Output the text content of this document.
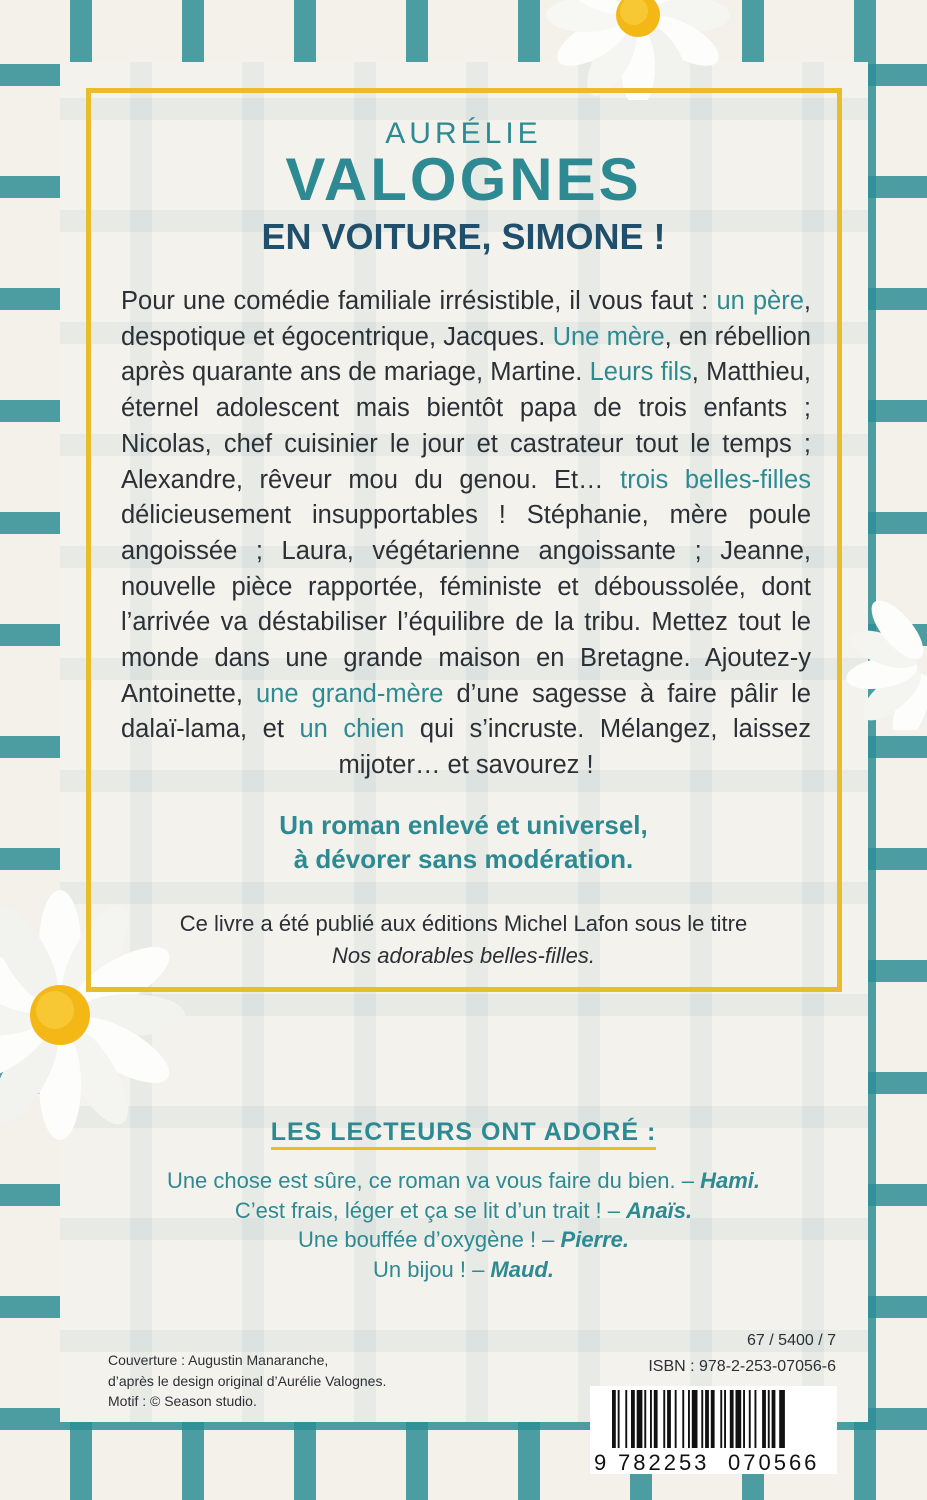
AURÉLIE
VALOGNES
EN VOITURE, SIMONE !

Pour une comédie familiale irrésistible, il vous faut : un père, despotique et égocentrique, Jacques. Une mère, en rébellion après quarante ans de mariage, Martine. Leurs fils, Matthieu, éternel adolescent mais bientôt papa de trois enfants ; Nicolas, chef cuisinier le jour et castrateur tout le temps ; Alexandre, rêveur mou du genou. Et… trois belles-filles délicieusement insupportables ! Stéphanie, mère poule angoissée ; Laura, végétarienne angoissante ; Jeanne, nouvelle pièce rapportée, féministe et déboussolée, dont l’arrivée va déstabiliser l’équilibre de la tribu. Mettez tout le monde dans une grande maison en Bretagne. Ajoutez-y Antoinette, une grand-mère d’une sagesse à faire pâlir le dalaï-lama, et un chien qui s’incruste. Mélangez, laissez mijoter… et savourez !

Un roman enlevé et universel,
à dévorer sans modération.
Ce livre a été publié aux éditions Michel Lafon sous le titre
Nos adorables belles-filles.
LES LECTEURS ONT ADORÉ :
Une chose est sûre, ce roman va vous faire du bien. – Hami.
C’est frais, léger et ça se lit d’un trait ! – Anaïs.
Une bouffée d’oxygène ! – Pierre.
Un bijou ! – Maud.
Couverture : Augustin Manaranche,
d’après le design original d’Aurélie Valognes.
Motif : © Season studio.
67 / 5400 / 7
ISBN : 978-2-253-07056-6
9 782253 070566
